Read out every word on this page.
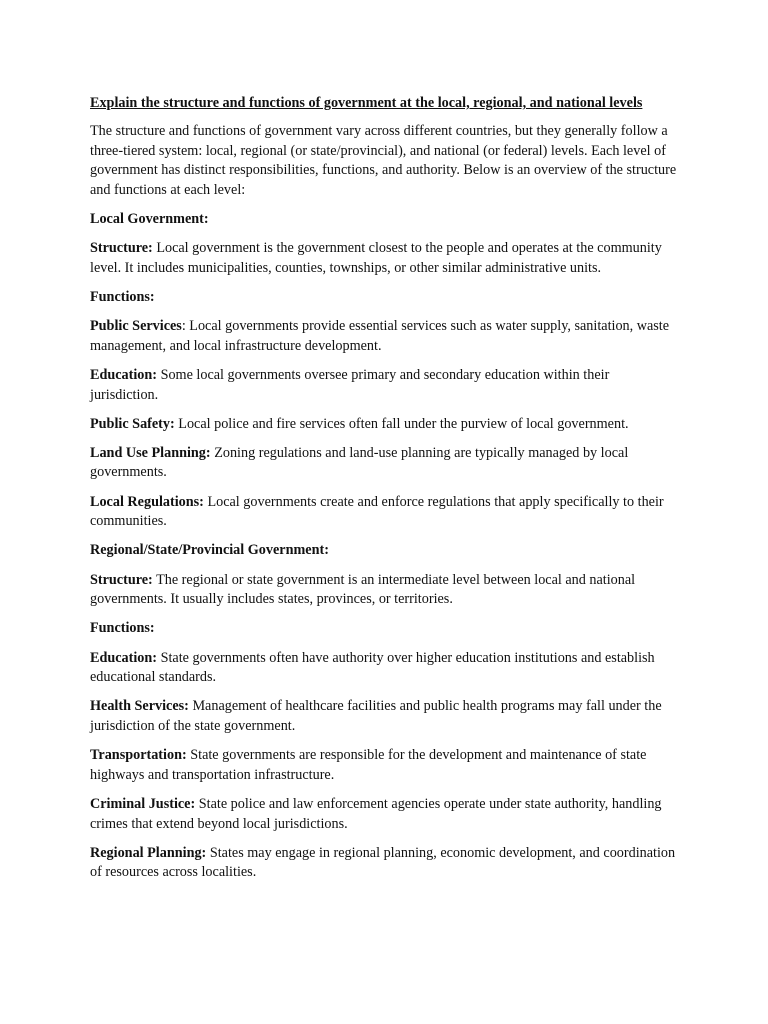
Explain the structure and functions of government at the local, regional, and national levels

The structure and functions of government vary across different countries, but they generally follow a three-tiered system: local, regional (or state/provincial), and national (or federal) levels. Each level of government has distinct responsibilities, functions, and authority. Below is an overview of the structure and functions at each level:

Local Government:

Structure: Local government is the government closest to the people and operates at the community level. It includes municipalities, counties, townships, or other similar administrative units.

Functions:

Public Services: Local governments provide essential services such as water supply, sanitation, waste management, and local infrastructure development.

Education: Some local governments oversee primary and secondary education within their jurisdiction.

Public Safety: Local police and fire services often fall under the purview of local government.

Land Use Planning: Zoning regulations and land-use planning are typically managed by local governments.

Local Regulations: Local governments create and enforce regulations that apply specifically to their communities.

Regional/State/Provincial Government:

Structure: The regional or state government is an intermediate level between local and national governments. It usually includes states, provinces, or territories.

Functions:

Education: State governments often have authority over higher education institutions and establish educational standards.

Health Services: Management of healthcare facilities and public health programs may fall under the jurisdiction of the state government.

Transportation: State governments are responsible for the development and maintenance of state highways and transportation infrastructure.

Criminal Justice: State police and law enforcement agencies operate under state authority, handling crimes that extend beyond local jurisdictions.

Regional Planning: States may engage in regional planning, economic development, and coordination of resources across localities.
